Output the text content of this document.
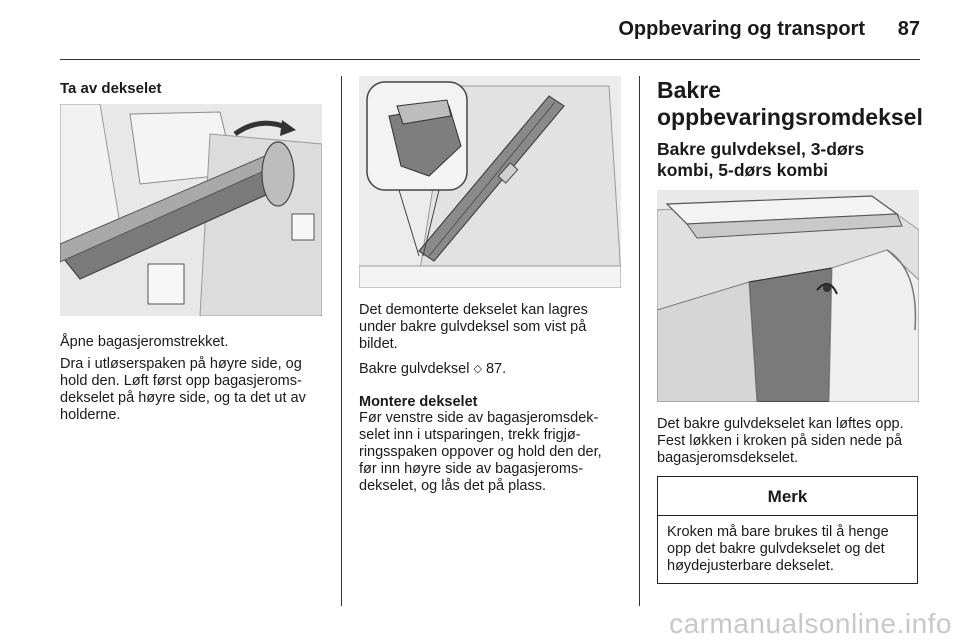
Oppbevaring og transport 87
Ta av dekselet

Åpne bagasjeromstrekket.

Dra i utløserspaken på høyre side, og hold den. Løft først opp bagasjeromsdekselet på høyre side, og ta det ut av holderne.

Det demonterte dekselet kan lagres under bakre gulvdeksel som vist på bildet.

Bakre gulvdeksel ◇ 87.

Montere dekselet

Før venstre side av bagasjeromsdekselet inn i utsparingen, trekk frigjøringsspaken oppover og hold den der, før inn høyre side av bagasjeromsdekselet, og lås det på plass.

Bakre oppbevaringsromdeksel
Bakre gulvdeksel, 3-dørs kombi, 5-dørs kombi

Det bakre gulvdekselet kan løftes opp. Fest løkken i kroken på siden nede på bagasjeromsdekselet.

Merk
Kroken må bare brukes til å henge opp det bakre gulvdekselet og det høydejusterbare dekselet.
carmanualsonline.info
